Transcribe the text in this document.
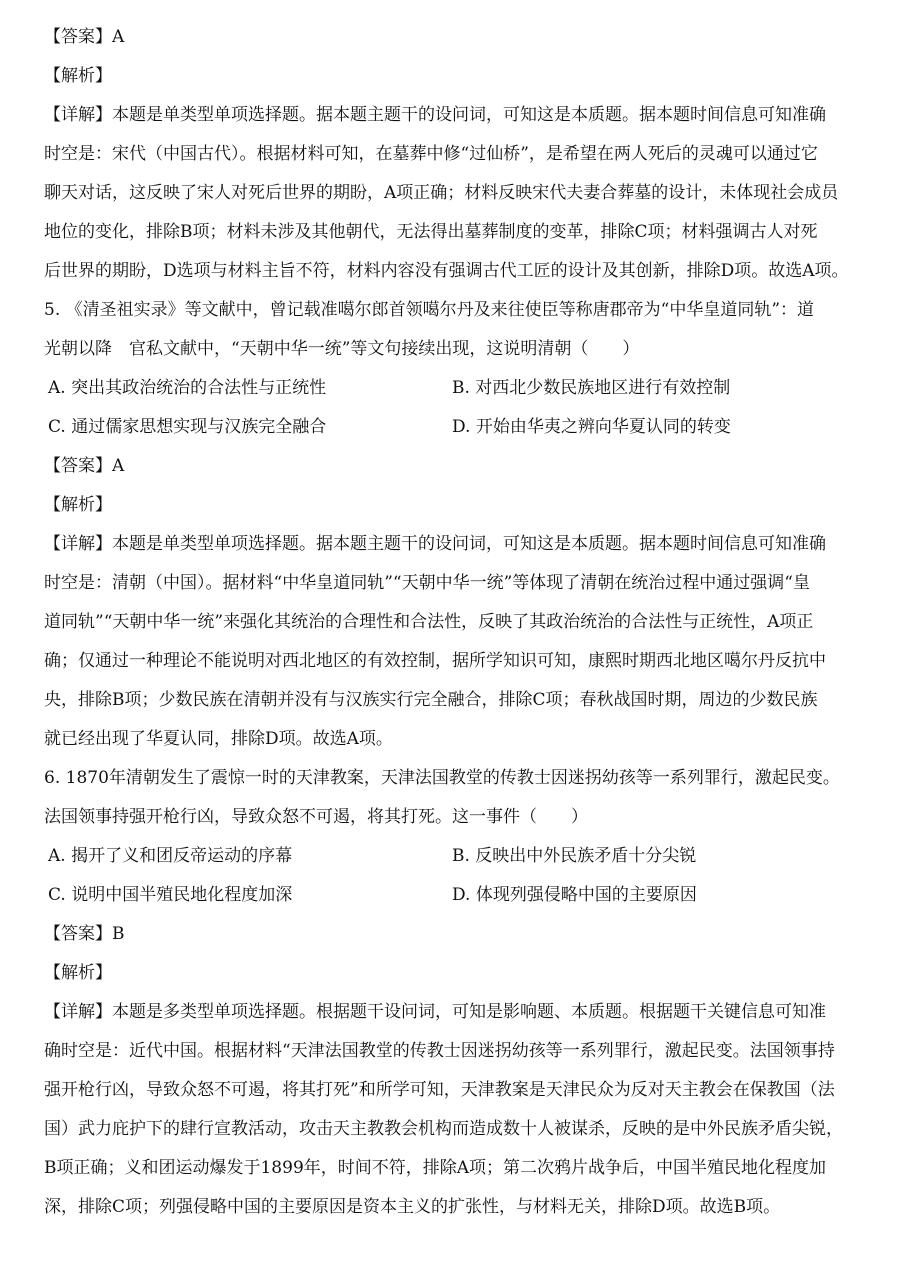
【答案】A
【解析】
【详解】本题是单类型单项选择题。据本题主题干的设问词，可知这是本质题。据本题时间信息可知准确
时空是：宋代（中国古代）。根据材料可知，在墓葬中修“过仙桥”，是希望在两人死后的灵魂可以通过它
聊天对话，这反映了宋人对死后世界的期盼，A项正确；材料反映宋代夫妻合葬墓的设计，未体现社会成员
地位的变化，排除B项；材料未涉及其他朝代，无法得出墓葬制度的变革，排除C项；材料强调古人对死
后世界的期盼，D选项与材料主旨不符，材料内容没有强调古代工匠的设计及其创新，排除D项。故选A项。
5. 《清圣祖实录》等文献中，曾记载准噶尔郎首领噶尔丹及来往使臣等称唐郡帝为“中华皇道同轨”：道
光朝以降　官私文献中，“天朝中华一统”等文句接续出现，这说明清朝（　　）
A. 突出其政治统治的合法性与正统性	B. 对西北少数民族地区进行有效控制
C. 通过儒家思想实现与汉族完全融合	D. 开始由华夷之辨向华夏认同的转变
【答案】A
【解析】
【详解】本题是单类型单项选择题。据本题主题干的设问词，可知这是本质题。据本题时间信息可知准确
时空是：清朝（中国）。据材料“中华皇道同轨”“天朝中华一统”等体现了清朝在统治过程中通过强调“皇
道同轨”“天朝中华一统”来强化其统治的合理性和合法性，反映了其政治统治的合法性与正统性，A项正
确；仅通过一种理论不能说明对西北地区的有效控制，据所学知识可知，康熙时期西北地区噶尔丹反抗中
央，排除B项；少数民族在清朝并没有与汉族实行完全融合，排除C项；春秋战国时期，周边的少数民族
就已经出现了华夏认同，排除D项。故选A项。
6. 1870年清朝发生了震惊一时的天津教案，天津法国教堂的传教士因迷拐幼孩等一系列罪行，激起民变。
法国领事持强开枪行凶，导致众怒不可遏，将其打死。这一事件（　　）
A. 揭开了义和团反帝运动的序幕	B. 反映出中外民族矛盾十分尖锐
C. 说明中国半殖民地化程度加深	D. 体现列强侵略中国的主要原因
【答案】B
【解析】
【详解】本题是多类型单项选择题。根据题干设问词，可知是影响题、本质题。根据题干关键信息可知准
确时空是：近代中国。根据材料“天津法国教堂的传教士因迷拐幼孩等一系列罪行，激起民变。法国领事持
强开枪行凶，导致众怒不可遏，将其打死”和所学可知，天津教案是天津民众为反对天主教会在保教国（法
国）武力庇护下的肆行宣教活动，攻击天主教教会机构而造成数十人被谋杀，反映的是中外民族矛盾尖锐，
B项正确；义和团运动爆发于1899年，时间不符，排除A项；第二次鸦片战争后，中国半殖民地化程度加
深，排除C项；列强侵略中国的主要原因是资本主义的扩张性，与材料无关，排除D项。故选B项。
